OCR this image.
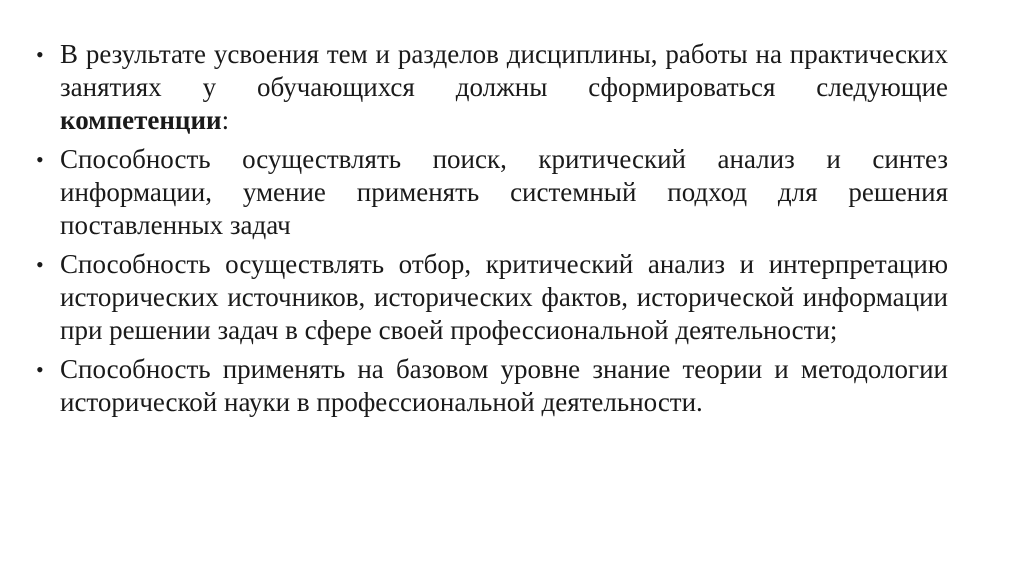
• В результате усвоения тем и разделов дисциплины, работы на практических занятиях у обучающихся должны сформироваться следующие компетенции:
• Способность осуществлять поиск, критический анализ и синтез информации, умение применять системный подход для решения поставленных задач
• Способность осуществлять отбор, критический анализ и интерпретацию исторических источников, исторических фактов, исторической информации при решении задач в сфере своей профессиональной деятельности;
• Способность применять на базовом уровне знание теории и методологии исторической науки в профессиональной деятельности.
